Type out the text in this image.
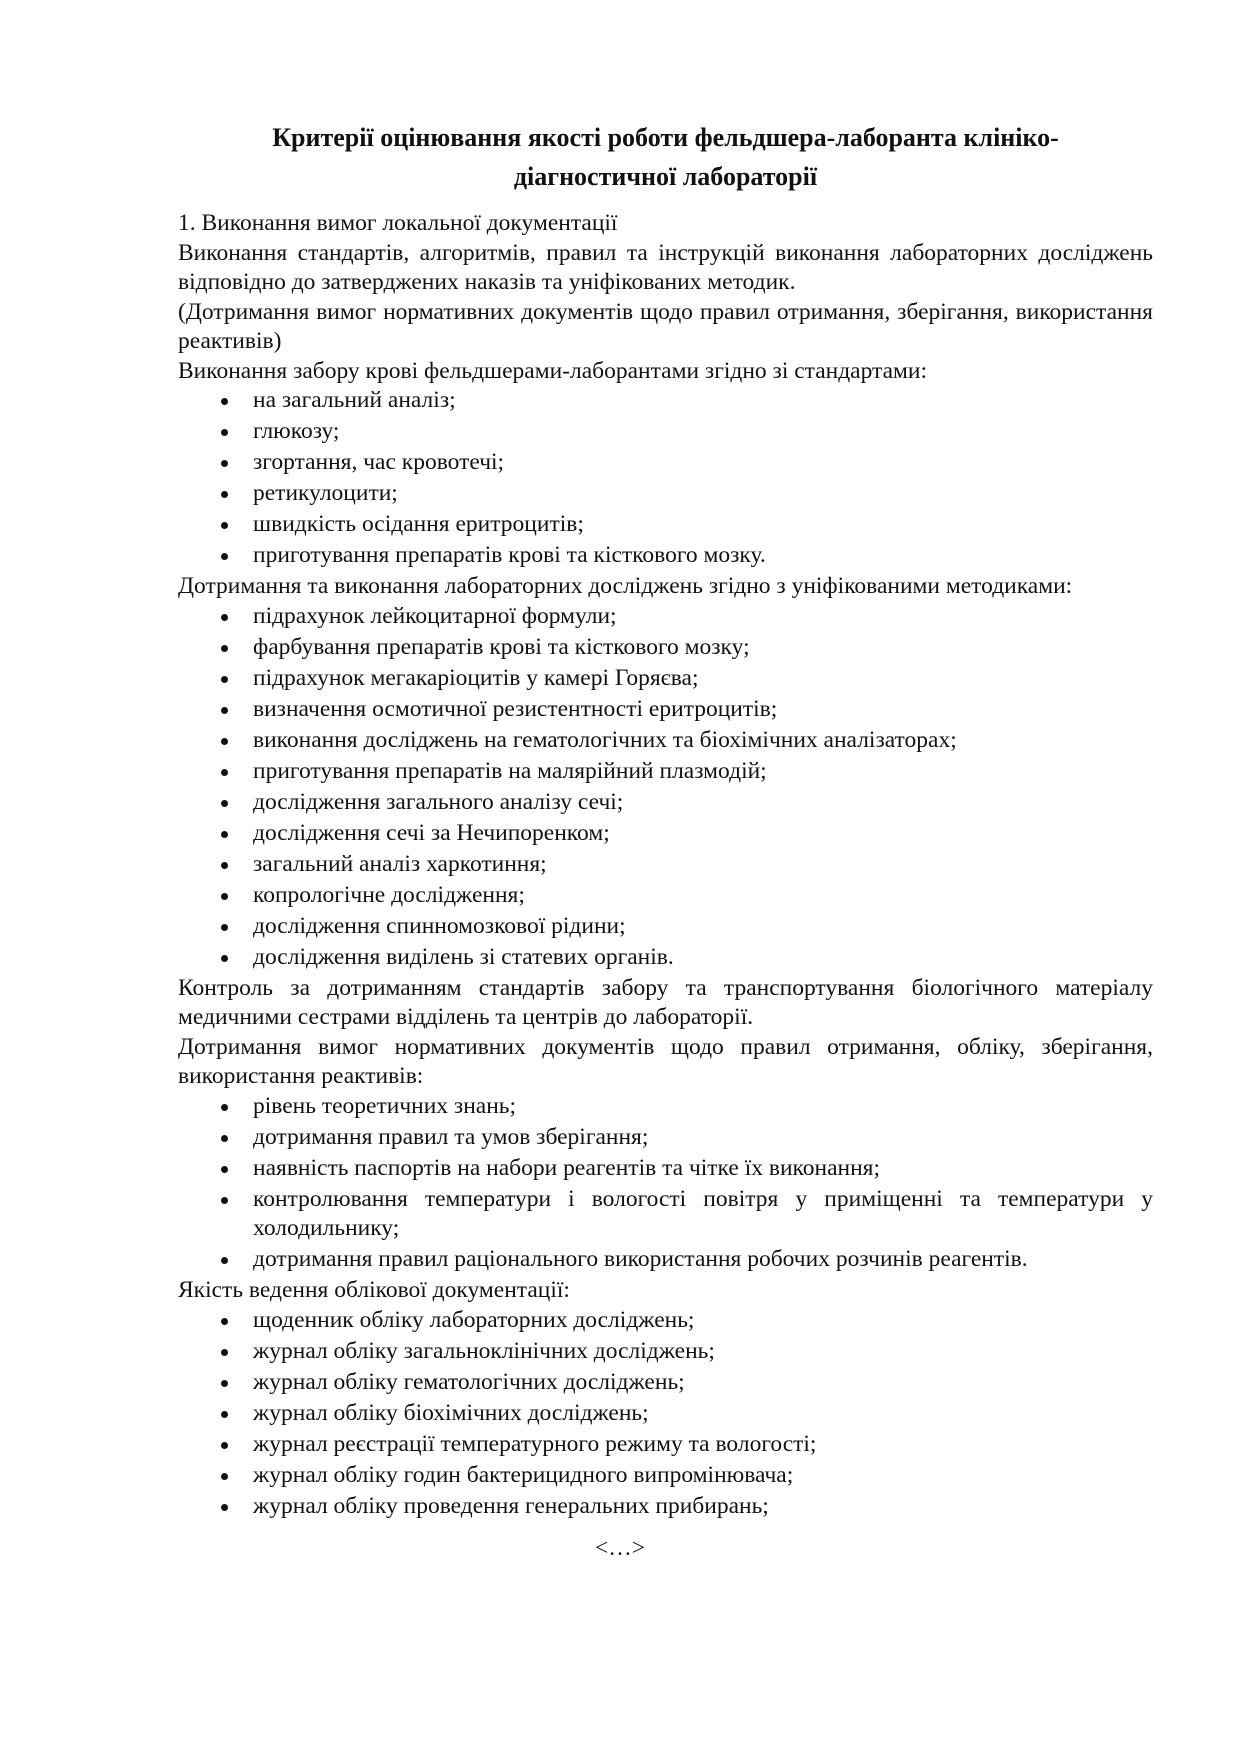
Критерії оцінювання якості роботи фельдшера-лаборанта клініко-
діагностичної лабораторії

1. Виконання вимог локальної документації

Виконання стандартів, алгоритмів, правил та інструкцій виконання лабораторних досліджень відповідно до затверджених наказів та уніфікованих методик.

(Дотримання вимог нормативних документів щодо правил отримання, зберігання, використання реактивів)

Виконання забору крові фельдшерами-лаборантами згідно зі стандартами:

на загальний аналіз;
глюкозу;
згортання, час кровотечі;
ретикулоцити;
швидкість осідання еритроцитів;
приготування препаратів крові та кісткового мозку.

Дотримання та виконання лабораторних досліджень згідно з уніфікованими методиками:

підрахунок лейкоцитарної формули;
фарбування препаратів крові та кісткового мозку;
підрахунок мегакаріоцитів у камері Горяєва;
визначення осмотичної резистентності еритроцитів;
виконання досліджень на гематологічних та біохімічних аналізаторах;
приготування препаратів на малярійний плазмодій;
дослідження загального аналізу сечі;
дослідження сечі за Нечипоренком;
загальний аналіз харкотиння;
копрологічне дослідження;
дослідження спинномозкової рідини;
дослідження виділень зі статевих органів.

Контроль за дотриманням стандартів забору та транспортування біологічного матеріалу медичними сестрами відділень та центрів до лабораторії.

Дотримання вимог нормативних документів щодо правил отримання, обліку, зберігання, використання реактивів:

рівень теоретичних знань;
дотримання правил та умов зберігання;
наявність паспортів на набори реагентів та чітке їх виконання;
контролювання температури і вологості повітря у приміщенні та температури у холодильнику;
дотримання правил раціонального використання робочих розчинів реагентів.

Якість ведення облікової документації:

щоденник обліку лабораторних досліджень;
журнал обліку загальноклінічних досліджень;
журнал обліку гематологічних досліджень;
журнал обліку біохімічних досліджень;
журнал реєстрації температурного режиму та вологості;
журнал обліку годин бактерицидного випромінювача;
журнал обліку проведення генеральних прибирань;
<…>
